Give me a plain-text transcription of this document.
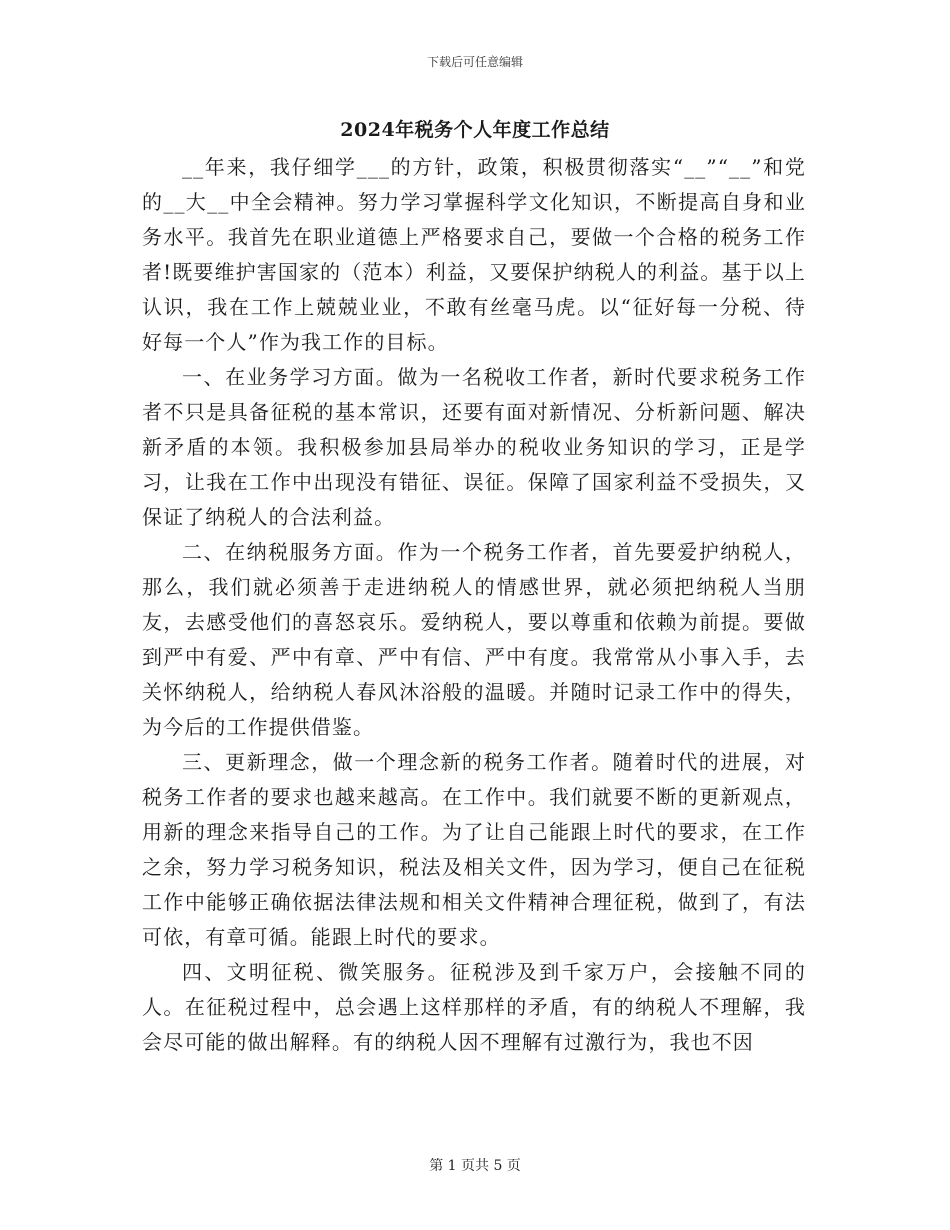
下载后可任意编辑
2024年税务个人年度工作总结

__年来，我仔细学___的方针，政策，积极贯彻落实“__”“__”和党的__大__中全会精神。努力学习掌握科学文化知识，不断提高自身和业务水平。我首先在职业道德上严格要求自己，要做一个合格的税务工作者!既要维护害国家的（范本）利益，又要保护纳税人的利益。基于以上认识，我在工作上兢兢业业，不敢有丝毫马虎。以“征好每一分税、待好每一个人”作为我工作的目标。

一、在业务学习方面。做为一名税收工作者，新时代要求税务工作者不只是具备征税的基本常识，还要有面对新情况、分析新问题、解决新矛盾的本领。我积极参加县局举办的税收业务知识的学习，正是学习，让我在工作中出现没有错征、误征。保障了国家利益不受损失，又保证了纳税人的合法利益。

二、在纳税服务方面。作为一个税务工作者，首先要爱护纳税人，那么，我们就必须善于走进纳税人的情感世界，就必须把纳税人当朋友，去感受他们的喜怒哀乐。爱纳税人，要以尊重和依赖为前提。要做到严中有爱、严中有章、严中有信、严中有度。我常常从小事入手，去关怀纳税人，给纳税人春风沐浴般的温暖。并随时记录工作中的得失，为今后的工作提供借鉴。

三、更新理念，做一个理念新的税务工作者。随着时代的进展，对税务工作者的要求也越来越高。在工作中。我们就要不断的更新观点，用新的理念来指导自己的工作。为了让自己能跟上时代的要求，在工作之余，努力学习税务知识，税法及相关文件，因为学习，便自己在征税工作中能够正确依据法律法规和相关文件精神合理征税，做到了，有法可依，有章可循。能跟上时代的要求。

四、文明征税、微笑服务。征税涉及到千家万户，会接触不同的人。在征税过程中，总会遇上这样那样的矛盾，有的纳税人不理解，我会尽可能的做出解释。有的纳税人因不理解有过激行为，我也不因

第 1 页共 5 页
